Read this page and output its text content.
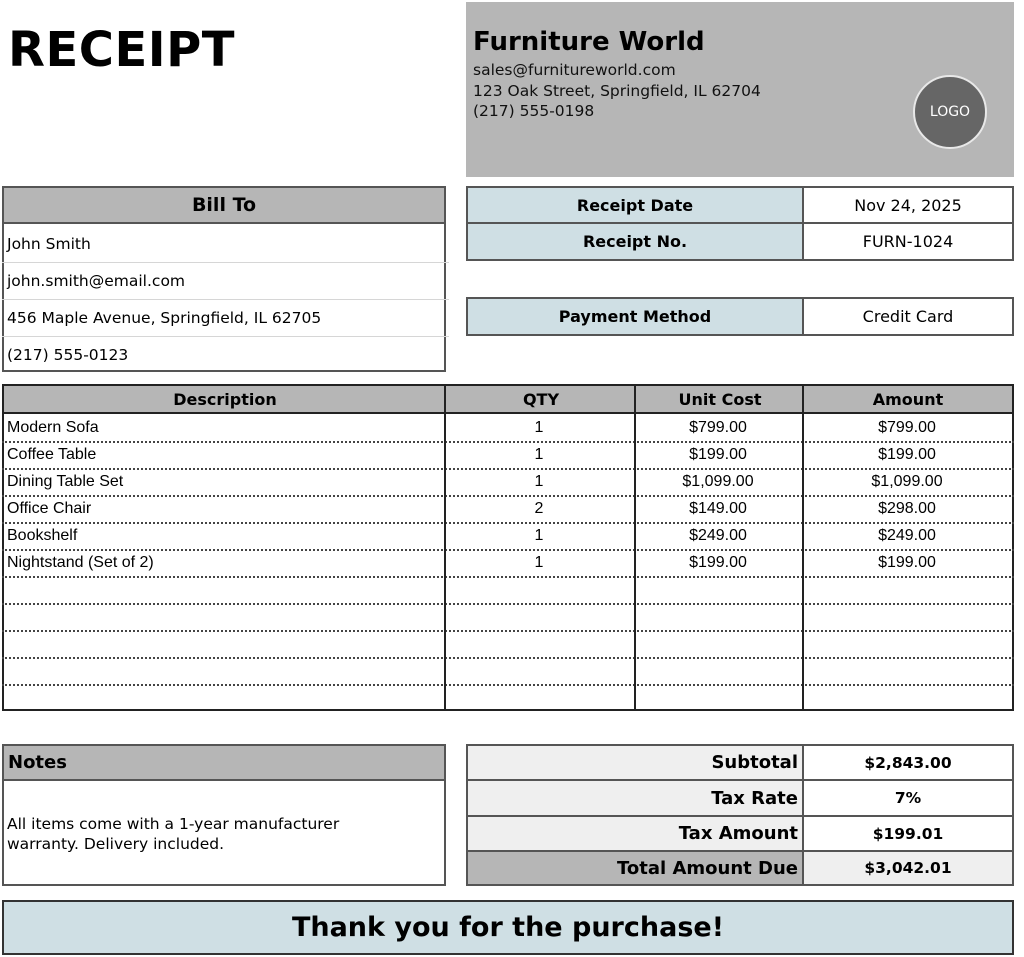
RECEIPT	Furniture World
sales@furnitureworld.com
123 Oak Street, Springfield, IL 62704
(217) 555-0198	LOGO
Bill To
John Smith
john.smith@email.com
456 Maple Avenue, Springfield, IL 62705
(217) 555-0123
Receipt Date	Nov 24, 2025
Receipt No.	FURN-1024
Payment Method	Credit Card
Description	QTY	Unit Cost	Amount
Modern Sofa	1	$799.00	$799.00
Coffee Table	1	$199.00	$199.00
Dining Table Set	1	$1,099.00	$1,099.00
Office Chair	2	$149.00	$298.00
Bookshelf	1	$249.00	$249.00
Nightstand (Set of 2)	1	$199.00	$199.00
Notes
All items come with a 1-year manufacturer
warranty. Delivery included.
Subtotal	$2,843.00
Tax Rate	7%
Tax Amount	$199.01
Total Amount Due	$3,042.01
Thank you for the purchase!
